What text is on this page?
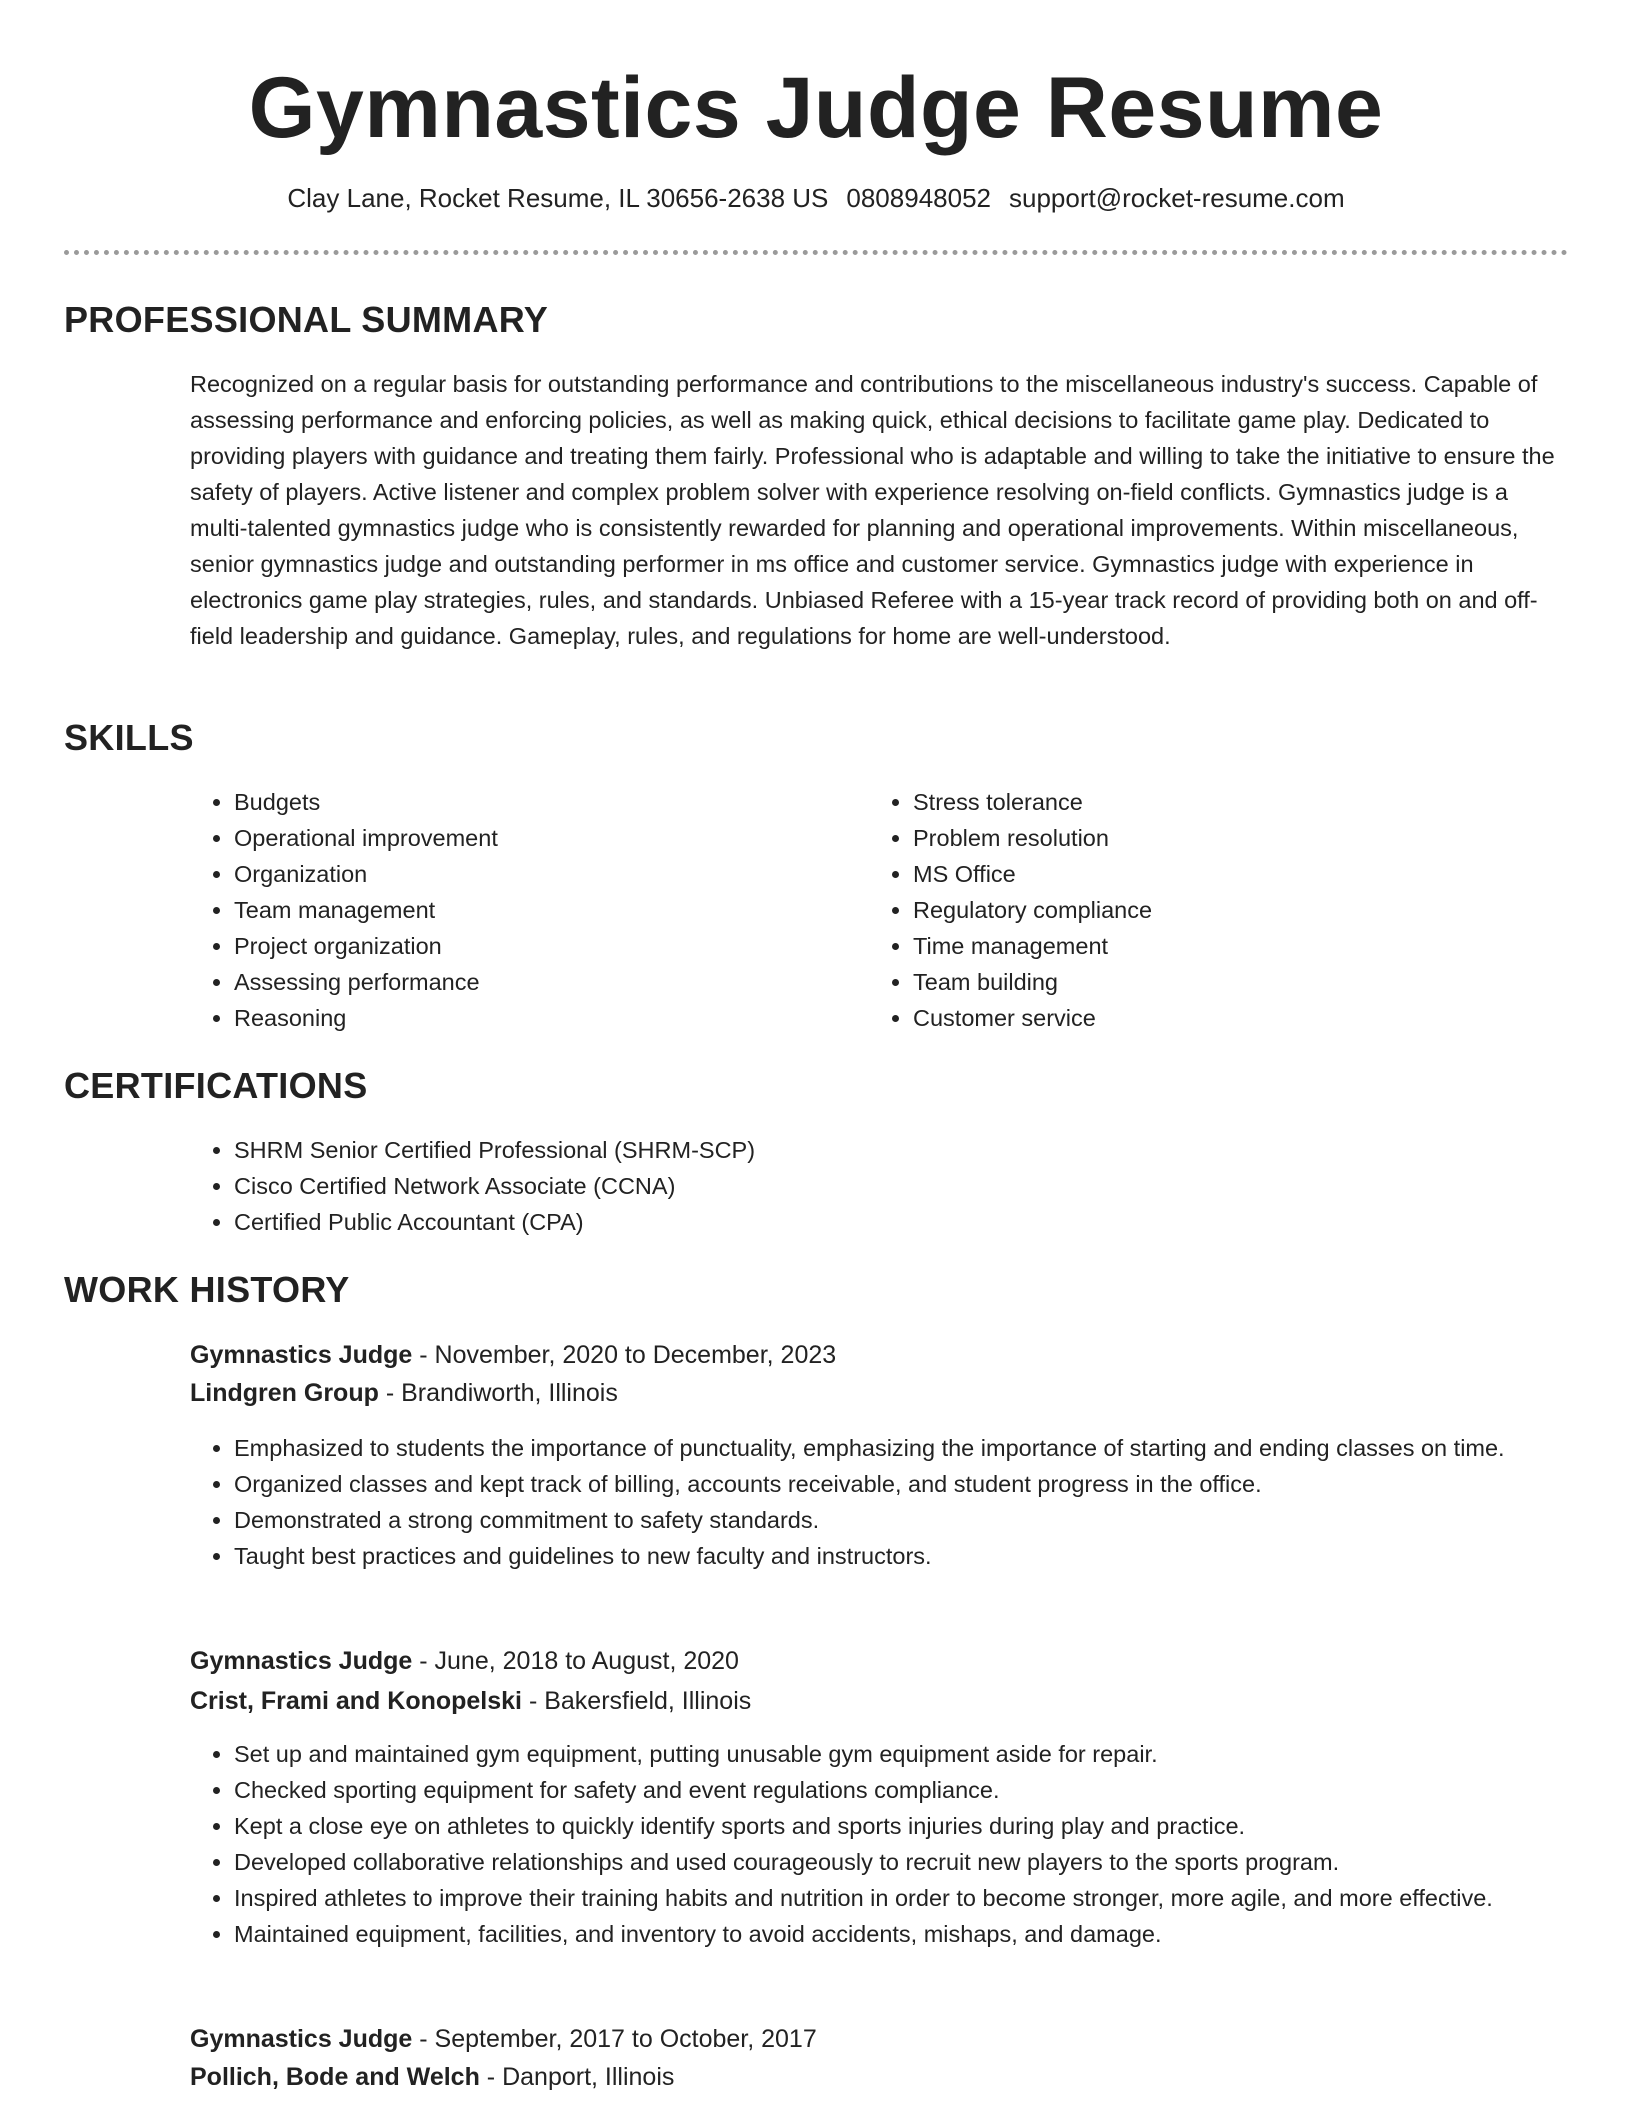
Gymnastics Judge Resume
Clay Lane, Rocket Resume, IL 30656-2638 US 0808948052 support@rocket-resume.com
PROFESSIONAL SUMMARY

Recognized on a regular basis for outstanding performance and contributions to the miscellaneous industry's success. Capable of assessing performance and enforcing policies, as well as making quick, ethical decisions to facilitate game play. Dedicated to providing players with guidance and treating them fairly. Professional who is adaptable and willing to take the initiative to ensure the safety of players. Active listener and complex problem solver with experience resolving on-field conflicts. Gymnastics judge is a multi-talented gymnastics judge who is consistently rewarded for planning and operational improvements. Within miscellaneous, senior gymnastics judge and outstanding performer in ms office and customer service. Gymnastics judge with experience in electronics game play strategies, rules, and standards. Unbiased Referee with a 15-year track record of providing both on and off-field leadership and guidance. Gameplay, rules, and regulations for home are well-understood.

SKILLS
• Budgets
• Operational improvement
• Organization
• Team management
• Project organization
• Assessing performance
• Reasoning
• Stress tolerance
• Problem resolution
• MS Office
• Regulatory compliance
• Time management
• Team building
• Customer service
CERTIFICATIONS
• SHRM Senior Certified Professional (SHRM-SCP)
• Cisco Certified Network Associate (CCNA)
• Certified Public Accountant (CPA)
WORK HISTORY
Gymnastics Judge - November, 2020 to December, 2023
Lindgren Group - Brandiworth, Illinois
• Emphasized to students the importance of punctuality, emphasizing the importance of starting and ending classes on time.
• Organized classes and kept track of billing, accounts receivable, and student progress in the office.
• Demonstrated a strong commitment to safety standards.
• Taught best practices and guidelines to new faculty and instructors.
Gymnastics Judge - June, 2018 to August, 2020
Crist, Frami and Konopelski - Bakersfield, Illinois
• Set up and maintained gym equipment, putting unusable gym equipment aside for repair.
• Checked sporting equipment for safety and event regulations compliance.
• Kept a close eye on athletes to quickly identify sports and sports injuries during play and practice.
• Developed collaborative relationships and used courageously to recruit new players to the sports program.
• Inspired athletes to improve their training habits and nutrition in order to become stronger, more agile, and more effective.
• Maintained equipment, facilities, and inventory to avoid accidents, mishaps, and damage.
Gymnastics Judge - September, 2017 to October, 2017
Pollich, Bode and Welch - Danport, Illinois
